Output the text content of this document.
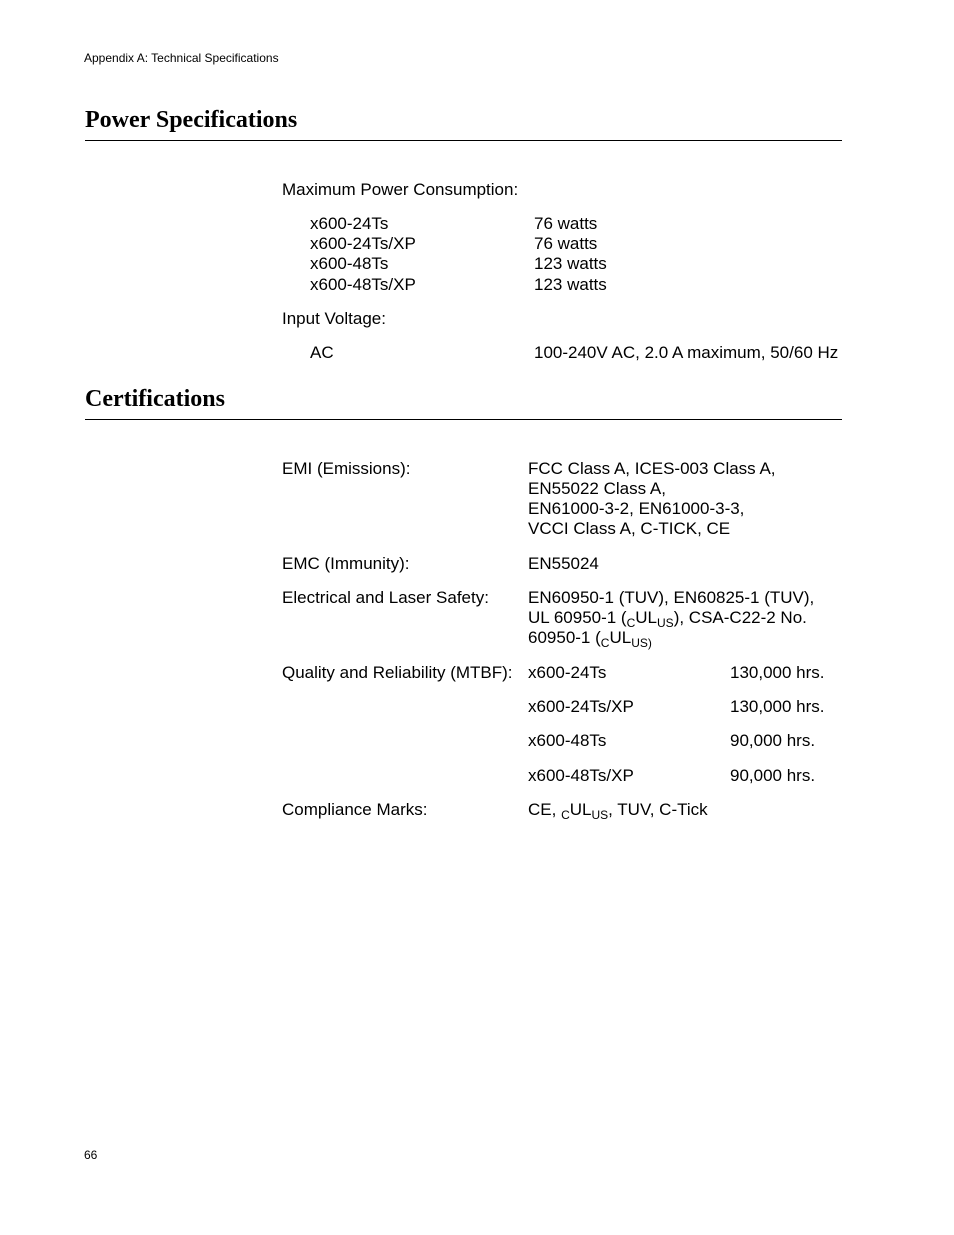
Appendix A: Technical Specifications
Power Specifications
Maximum Power Consumption:
x600-24Ts	76 watts
x600-24Ts/XP	76 watts
x600-48Ts	123 watts
x600-48Ts/XP	123 watts
Input Voltage:
AC	100-240V AC, 2.0 A maximum, 50/60 Hz
Certifications
EMI (Emissions):	FCC Class A, ICES-003 Class A,
EN55022 Class A,
EN61000-3-2, EN61000-3-3,
VCCI Class A, C-TICK, CE
EMC (Immunity):	EN55024
Electrical and Laser Safety: EN60950-1 (TUV), EN60825-1 (TUV),
UL 60950-1 $(_CUL_{US})$, CSA-C22-2 No.
60950-1 ($_CUL_{US)}$
Quality and Reliability (MTBF): x600-24Ts	130,000 hrs.
x600-24Ts/XP	130,000 hrs.
x600-48Ts	90,000 hrs.
x600-48Ts/XP	90,000 hrs.
Compliance Marks:	CE, $_CUL_{US}$, TUV, C-Tick
66
